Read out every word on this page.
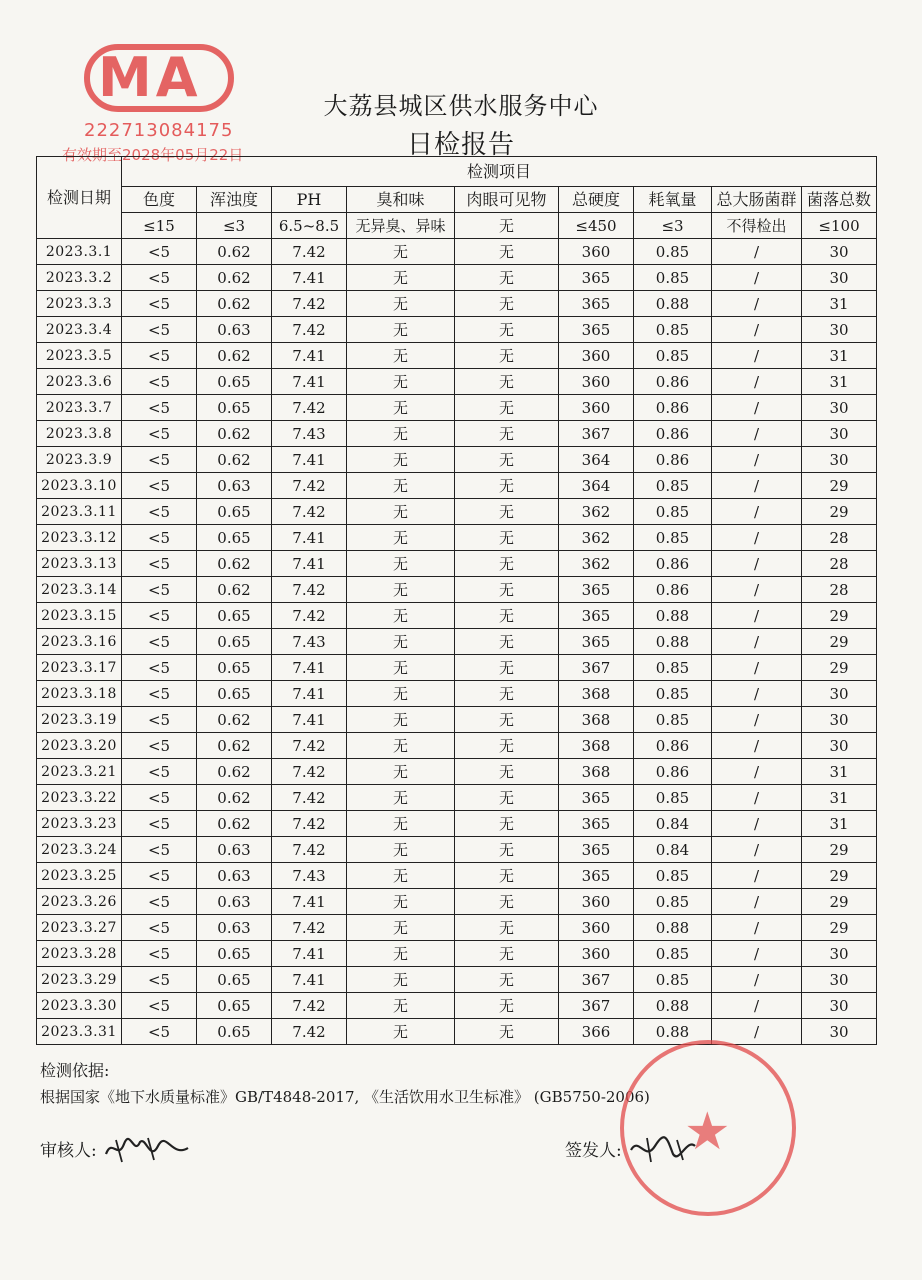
MA
222713084175
有效期至2028年05月22日
大荔县城区供水服务中心
日检报告
检测日期	检测项目								
	色度	浑浊度	PH	臭和味	肉眼可见物	总硬度	耗氧量	总大肠菌群	菌落总数
	≤15	≤3	6.5~8.5	无异臭、异味	无	≤450	≤3	不得检出	≤100
2023.3.1	<5	0.62	7.42	无	无	360	0.85	/	30
2023.3.2	<5	0.62	7.41	无	无	365	0.85	/	30
2023.3.3	<5	0.62	7.42	无	无	365	0.88	/	31
2023.3.4	<5	0.63	7.42	无	无	365	0.85	/	30
2023.3.5	<5	0.62	7.41	无	无	360	0.85	/	31
2023.3.6	<5	0.65	7.41	无	无	360	0.86	/	31
2023.3.7	<5	0.65	7.42	无	无	360	0.86	/	30
2023.3.8	<5	0.62	7.43	无	无	367	0.86	/	30
2023.3.9	<5	0.62	7.41	无	无	364	0.86	/	30
2023.3.10	<5	0.63	7.42	无	无	364	0.85	/	29
2023.3.11	<5	0.65	7.42	无	无	362	0.85	/	29
2023.3.12	<5	0.65	7.41	无	无	362	0.85	/	28
2023.3.13	<5	0.62	7.41	无	无	362	0.86	/	28
2023.3.14	<5	0.62	7.42	无	无	365	0.86	/	28
2023.3.15	<5	0.65	7.42	无	无	365	0.88	/	29
2023.3.16	<5	0.65	7.43	无	无	365	0.88	/	29
2023.3.17	<5	0.65	7.41	无	无	367	0.85	/	29
2023.3.18	<5	0.65	7.41	无	无	368	0.85	/	30
2023.3.19	<5	0.62	7.41	无	无	368	0.85	/	30
2023.3.20	<5	0.62	7.42	无	无	368	0.86	/	30
2023.3.21	<5	0.62	7.42	无	无	368	0.86	/	31
2023.3.22	<5	0.62	7.42	无	无	365	0.85	/	31
2023.3.23	<5	0.62	7.42	无	无	365	0.84	/	31
2023.3.24	<5	0.63	7.42	无	无	365	0.84	/	29
2023.3.25	<5	0.63	7.43	无	无	365	0.85	/	29
2023.3.26	<5	0.63	7.41	无	无	360	0.85	/	29
2023.3.27	<5	0.63	7.42	无	无	360	0.88	/	29
2023.3.28	<5	0.65	7.41	无	无	360	0.85	/	30
2023.3.29	<5	0.65	7.41	无	无	367	0.85	/	30
2023.3.30	<5	0.65	7.42	无	无	367	0.88	/	30
2023.3.31	<5	0.65	7.42	无	无	366	0.88	/	30
检测依据:
根据国家《地下水质量标准》GB/T4848-2017, 《生活饮用水卫生标准》 (GB5750-2006)
★
审核人:	签发人:
